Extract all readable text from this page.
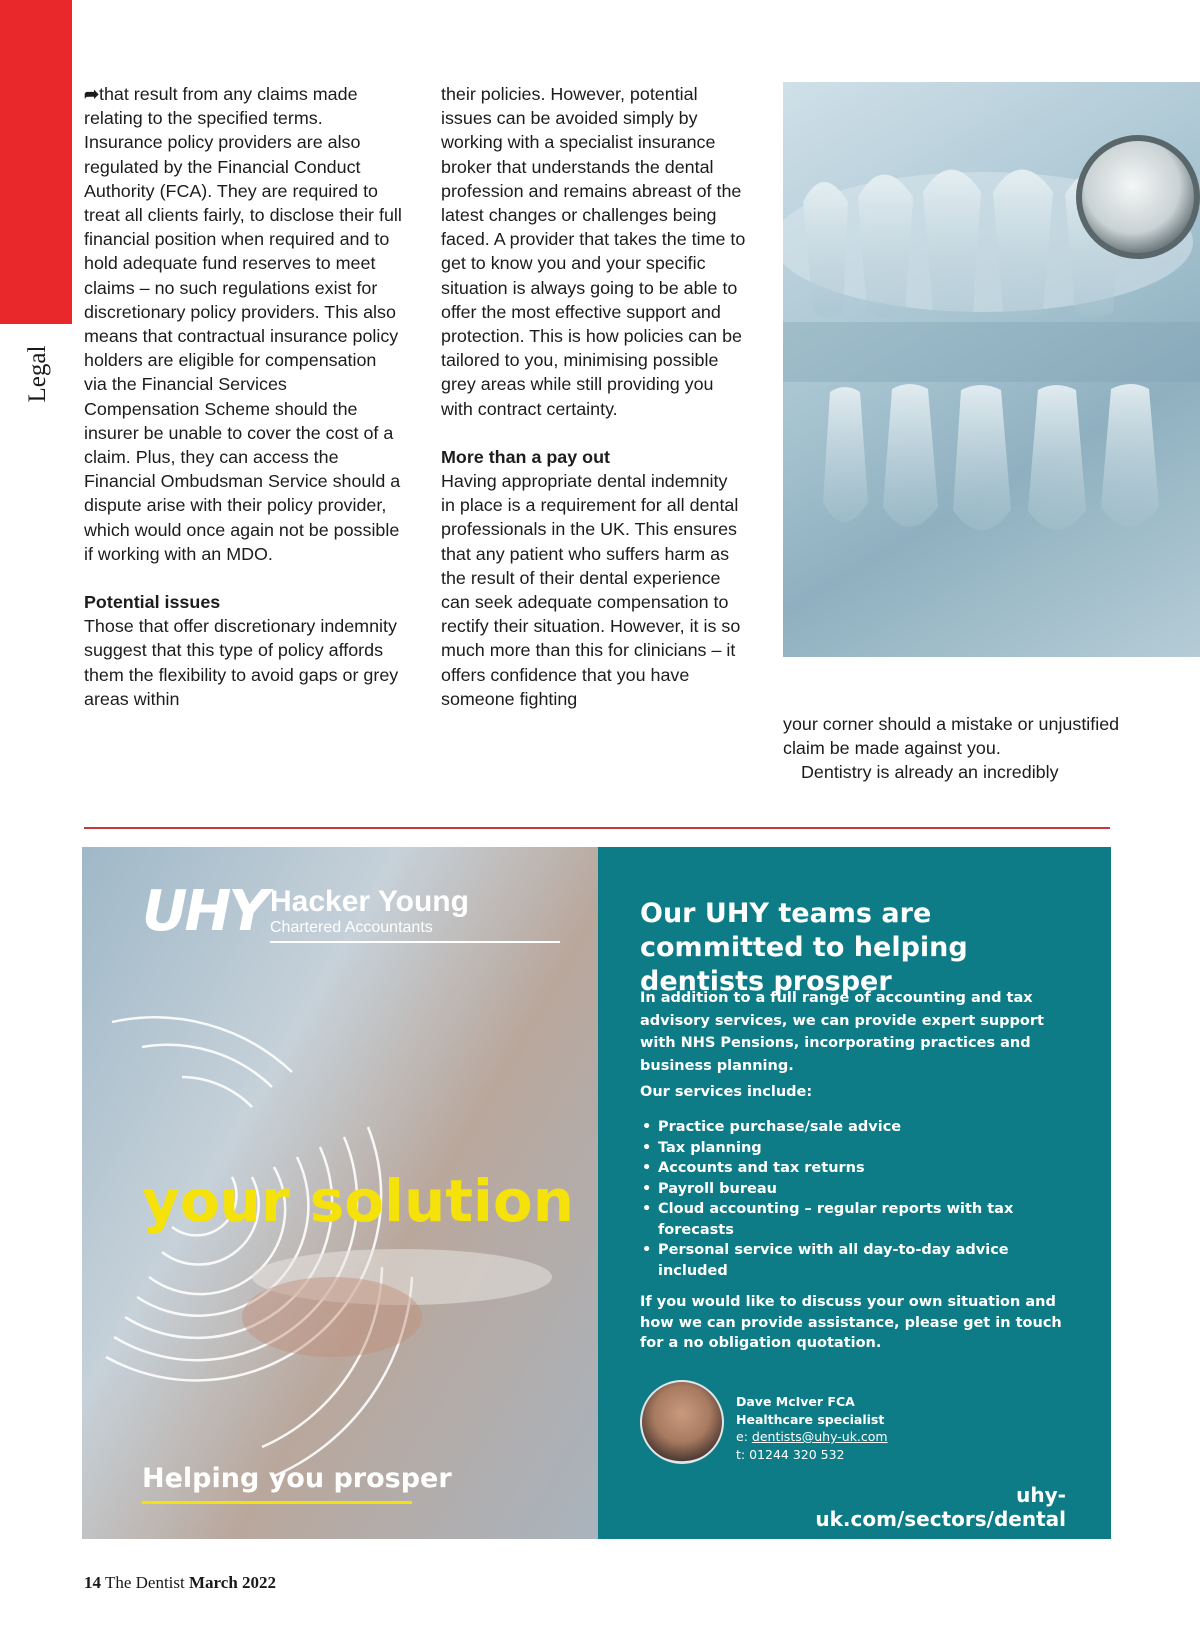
Legal

➦that result from any claims made relating to the specified terms. Insurance policy providers are also regulated by the Financial Conduct Authority (FCA). They are required to treat all clients fairly, to disclose their full financial position when required and to hold adequate fund reserves to meet claims – no such regulations exist for discretionary policy providers. This also means that contractual insurance policy holders are eligible for compensation via the Financial Services Compensation Scheme should the insurer be unable to cover the cost of a claim. Plus, they can access the Financial Ombudsman Service should a dispute arise with their policy provider, which would once again not be possible if working with an MDO.

Potential issues

Those that offer discretionary indemnity suggest that this type of policy affords them the flexibility to avoid gaps or grey areas within

their policies. However, potential issues can be avoided simply by working with a specialist insurance broker that understands the dental profession and remains abreast of the latest changes or challenges being faced. A provider that takes the time to get to know you and your specific situation is always going to be able to offer the most effective support and protection. This is how policies can be tailored to you, minimising possible grey areas while still providing you with contract certainty.

More than a pay out

Having appropriate dental indemnity in place is a requirement for all dental professionals in the UK. This ensures that any patient who suffers harm as the result of their dental experience can seek adequate compensation to rectify their situation. However, it is so much more than this for clinicians – it offers confidence that you have someone fighting

your corner should a mistake or unjustified claim be made against you.

Dentistry is already an incredibly

UHY Hacker Young
Chartered Accountants
your solution
Helping you prosper
Our UHY teams are committed to helping dentists prosper

In addition to a full range of accounting and tax advisory services, we can provide expert support with NHS Pensions, incorporating practices and business planning.

Our services include:

• Practice purchase/sale advice
• Tax planning
• Accounts and tax returns
• Payroll bureau
• Cloud accounting – regular reports with tax forecasts
• Personal service with all day-to-day advice included

If you would like to discuss your own situation and how we can provide assistance, please get in touch for a no obligation quotation.

Dave McIver FCA
Healthcare specialist
e: dentists@uhy-uk.com
t: 01244 320 532
uhy-uk.com/sectors/dental
14 The Dentist March 2022
